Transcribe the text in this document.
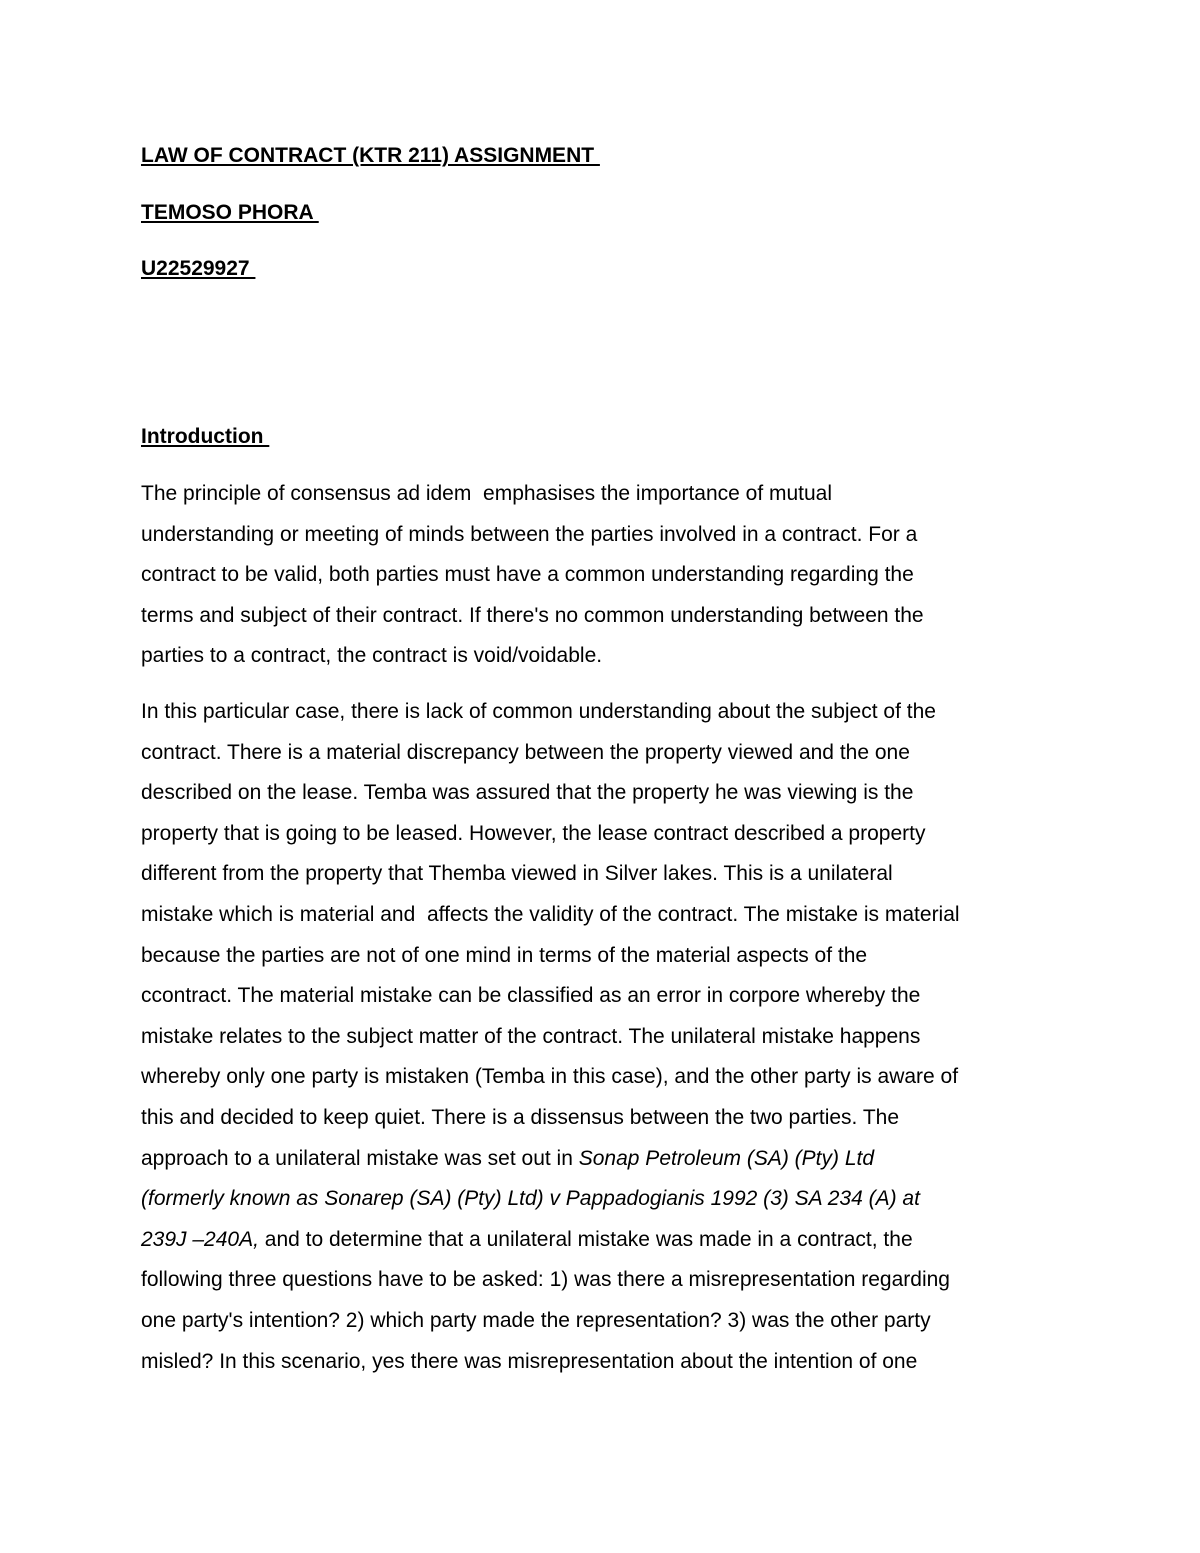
LAW OF CONTRACT (KTR 211) ASSIGNMENT
TEMOSO PHORA
U22529927
Introduction
The principle of consensus ad idem  emphasises the importance of mutual
understanding or meeting of minds between the parties involved in a contract. For a
contract to be valid, both parties must have a common understanding regarding the
terms and subject of their contract. If there's no common understanding between the
parties to a contract, the contract is void/voidable.
In this particular case, there is lack of common understanding about the subject of the
contract. There is a material discrepancy between the property viewed and the one
described on the lease. Temba was assured that the property he was viewing is the
property that is going to be leased. However, the lease contract described a property
different from the property that Themba viewed in Silver lakes. This is a unilateral
mistake which is material and  affects the validity of the contract. The mistake is material
because the parties are not of one mind in terms of the material aspects of the
ccontract. The material mistake can be classified as an error in corpore whereby the
mistake relates to the subject matter of the contract. The unilateral mistake happens
whereby only one party is mistaken (Temba in this case), and the other party is aware of
this and decided to keep quiet. There is a dissensus between the two parties. The
approach to a unilateral mistake was set out in Sonap Petroleum (SA) (Pty) Ltd
(formerly known as Sonarep (SA) (Pty) Ltd) v Pappadogianis 1992 (3) SA 234 (A) at
239J –240A, and to determine that a unilateral mistake was made in a contract, the
following three questions have to be asked: 1) was there a misrepresentation regarding
one party's intention? 2) which party made the representation? 3) was the other party
misled? In this scenario, yes there was misrepresentation about the intention of one
